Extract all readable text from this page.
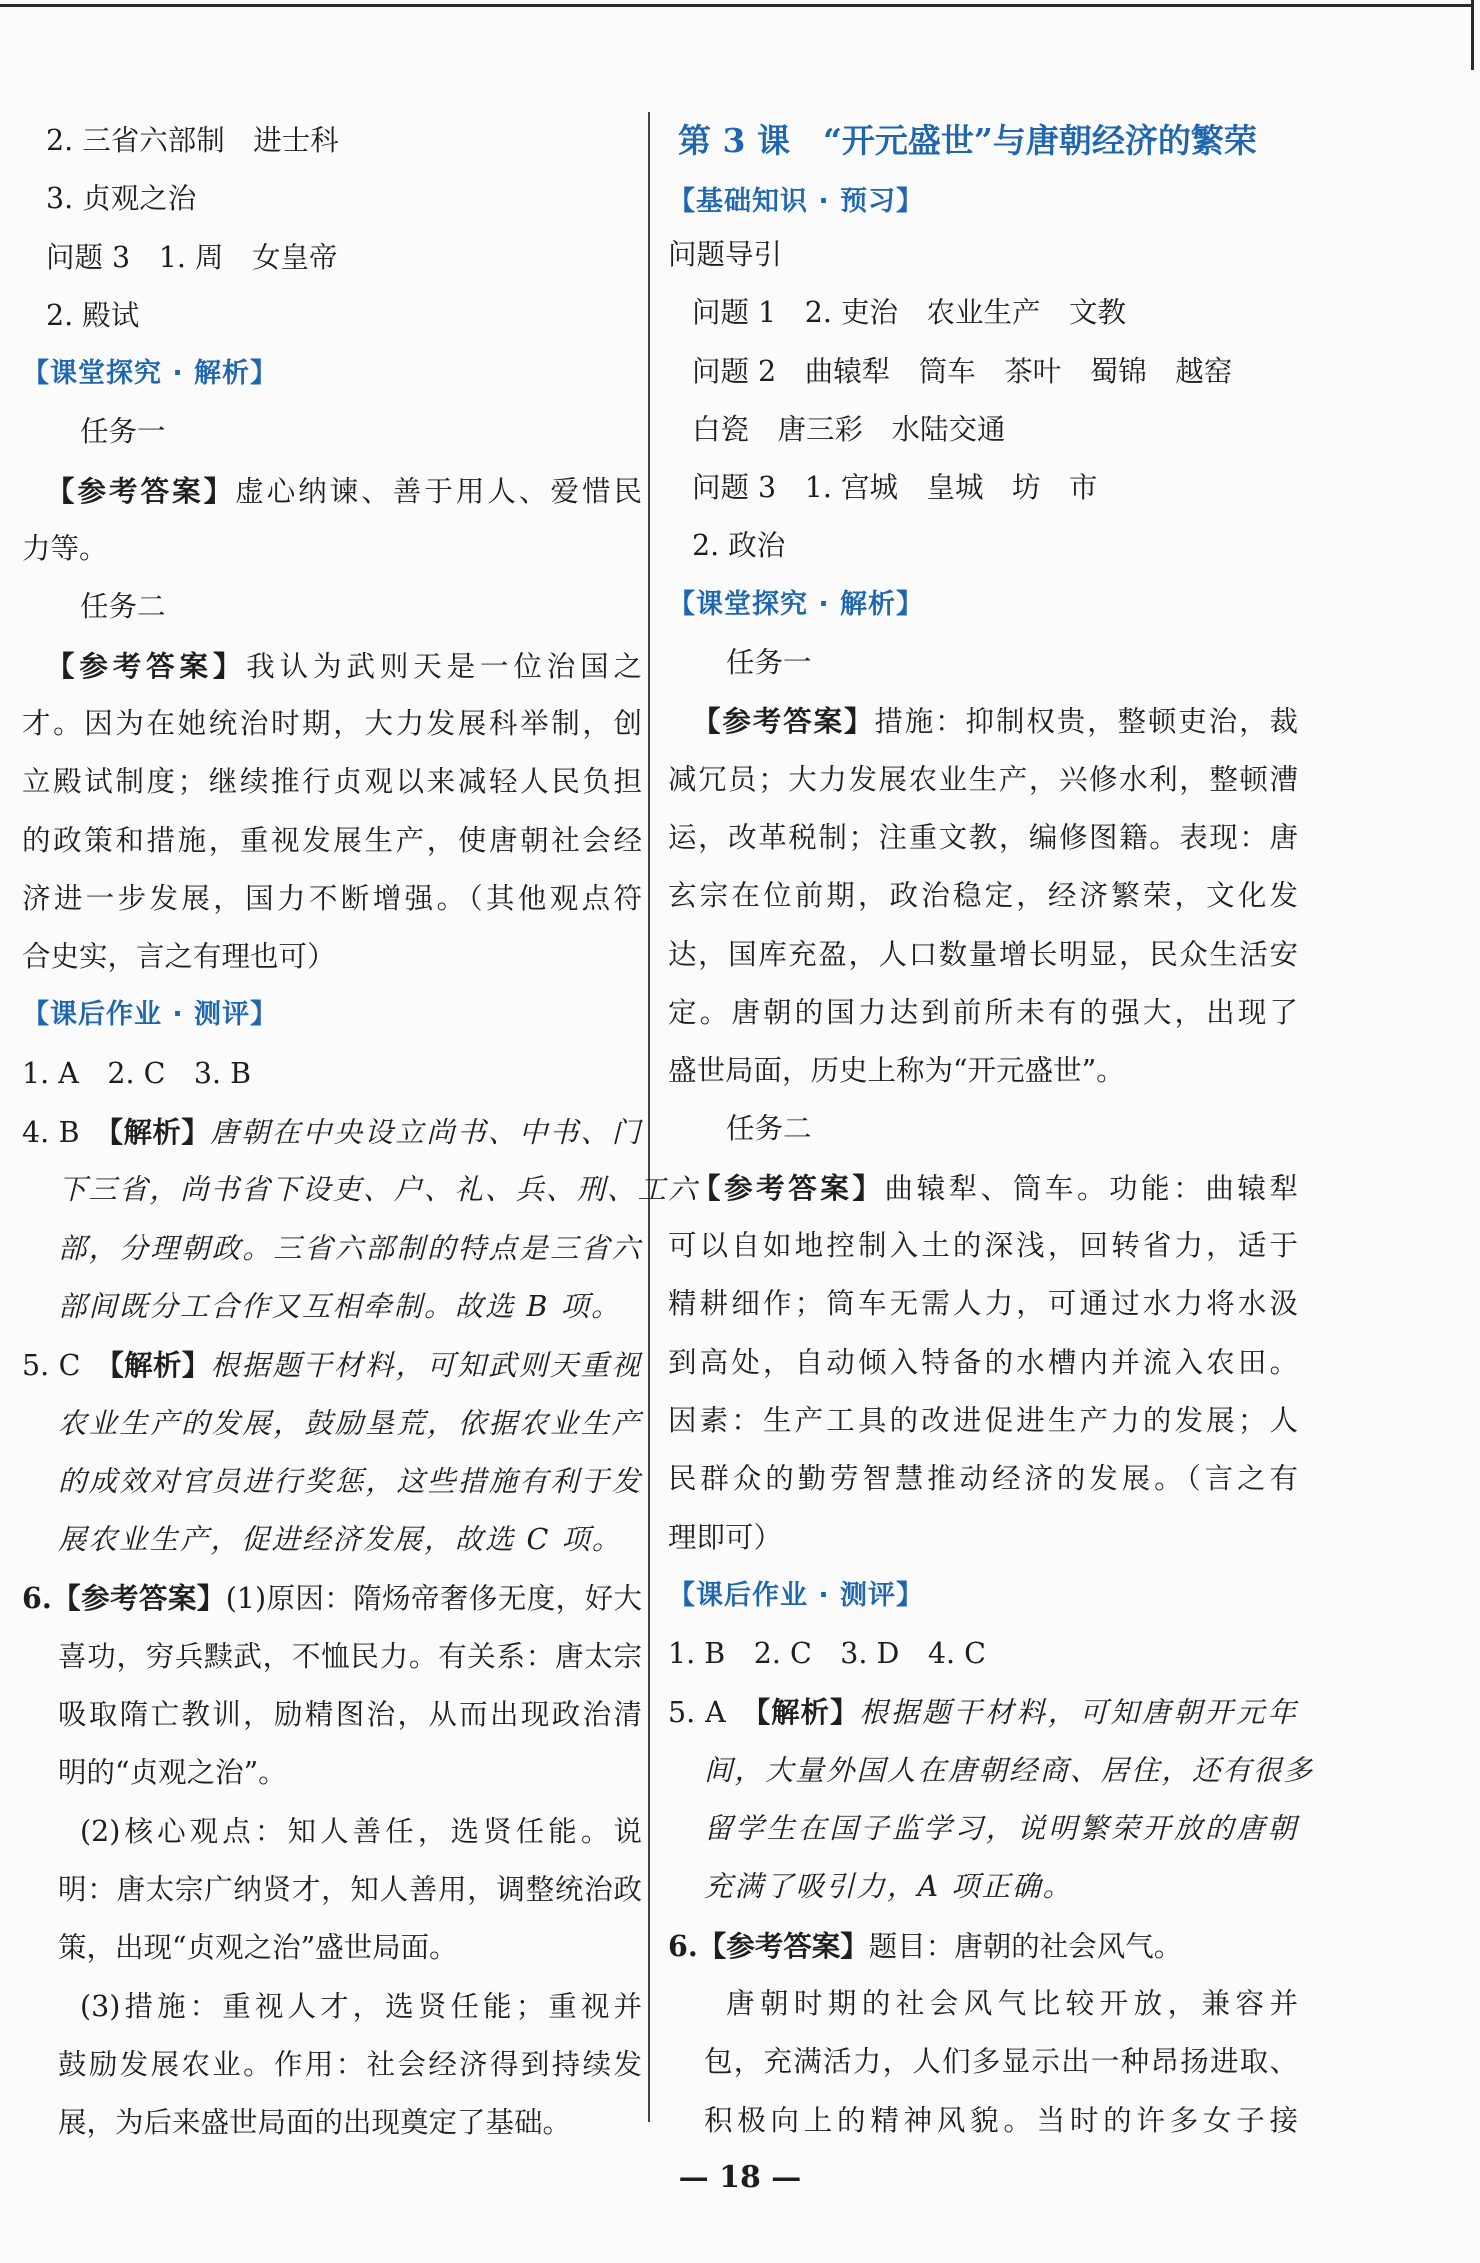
2. 三省六部制　进士科
3. 贞观之治
问题 3　1. 周　女皇帝
2. 殿试
【课堂探究 · 解析】
任务一
【参考答案】虚心纳谏、善于用人、爱惜民
力等。
任务二
【参考答案】我认为武则天是一位治国之
才。因为在她统治时期，大力发展科举制，创
立殿试制度；继续推行贞观以来减轻人民负担
的政策和措施，重视发展生产，使唐朝社会经
济进一步发展，国力不断增强。（其他观点符
合史实，言之有理也可）
【课后作业 · 测评】
1. A　2. C　3. B
4. B　【解析】唐朝在中央设立尚书、中书、门
下三省，尚书省下设吏、户、礼、兵、刑、工六
部，分理朝政。三省六部制的特点是三省六
部间既分工合作又互相牵制。故选 B 项。
5. C　【解析】根据题干材料，可知武则天重视
农业生产的发展，鼓励垦荒，依据农业生产
的成效对官员进行奖惩，这些措施有利于发
展农业生产，促进经济发展，故选 C 项。
6.【参考答案】(1)原因：隋炀帝奢侈无度，好大
喜功，穷兵黩武，不恤民力。有关系：唐太宗
吸取隋亡教训，励精图治，从而出现政治清
明的“贞观之治”。
(2)核心观点：知人善任，选贤任能。说
明：唐太宗广纳贤才，知人善用，调整统治政
策，出现“贞观之治”盛世局面。
(3)措施：重视人才，选贤任能；重视并
鼓励发展农业。作用：社会经济得到持续发
展，为后来盛世局面的出现奠定了基础。
第 3 课　“开元盛世”与唐朝经济的繁荣
【基础知识 · 预习】
问题导引
问题 1　2. 吏治　农业生产　文教
问题 2　曲辕犁　筒车　茶叶　蜀锦　越窑
白瓷　唐三彩　水陆交通
问题 3　1. 宫城　皇城　坊　市
2. 政治
【课堂探究 · 解析】
任务一
【参考答案】措施：抑制权贵，整顿吏治，裁
减冗员；大力发展农业生产，兴修水利，整顿漕
运，改革税制；注重文教，编修图籍。表现：唐
玄宗在位前期，政治稳定，经济繁荣，文化发
达，国库充盈，人口数量增长明显，民众生活安
定。唐朝的国力达到前所未有的强大，出现了
盛世局面，历史上称为“开元盛世”。
任务二
【参考答案】曲辕犁、筒车。功能：曲辕犁
可以自如地控制入土的深浅，回转省力，适于
精耕细作；筒车无需人力，可通过水力将水汲
到高处，自动倾入特备的水槽内并流入农田。
因素：生产工具的改进促进生产力的发展；人
民群众的勤劳智慧推动经济的发展。（言之有
理即可）
【课后作业 · 测评】
1. B　2. C　3. D　4. C
5. A　【解析】根据题干材料，可知唐朝开元年
间，大量外国人在唐朝经商、居住，还有很多
留学生在国子监学习，说明繁荣开放的唐朝
充满了吸引力，A 项正确。
6.【参考答案】题目：唐朝的社会风气。
唐朝时期的社会风气比较开放，兼容并
包，充满活力，人们多显示出一种昂扬进取、
积极向上的精神风貌。当时的许多女子接
— 18 —
